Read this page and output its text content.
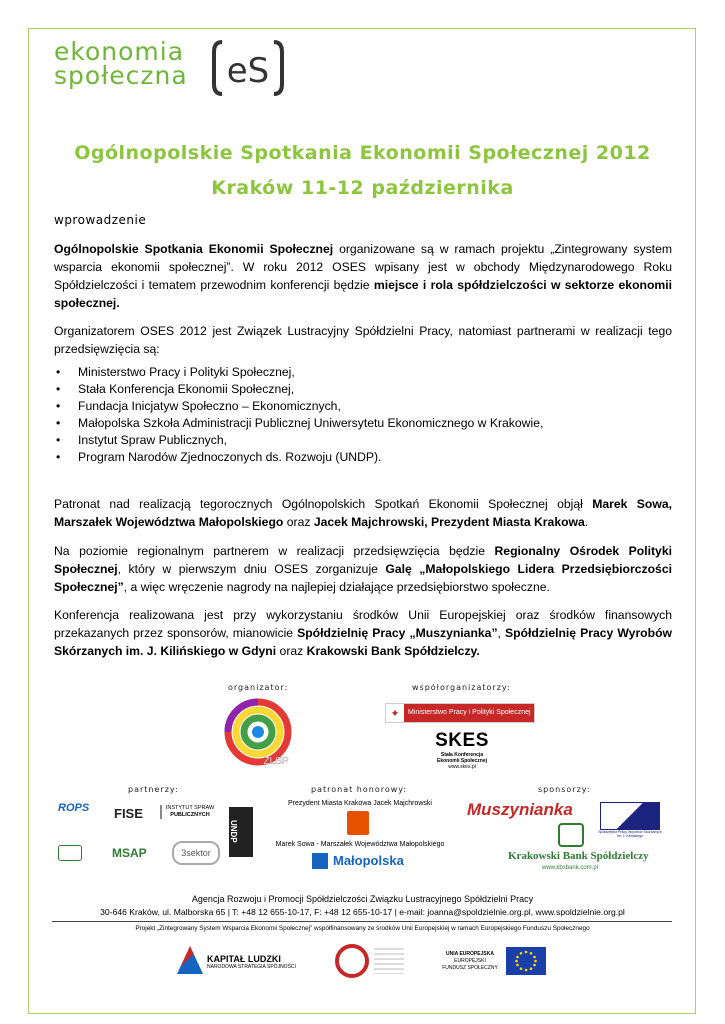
ekonomia
społeczna eS
Ogólnopolskie Spotkania Ekonomii Społecznej 2012
Kraków 11-12 października
wprowadzenie
Ogólnopolskie Spotkania Ekonomii Społecznej organizowane są w ramach projektu „Zintegrowany system wsparcia ekonomii społecznej”. W roku 2012 OSES wpisany jest w obchody Międzynarodowego Roku Spółdzielczości i tematem przewodnim konferencji będzie miejsce i rola spółdzielczości w sektorze ekonomii społecznej.
Organizatorem OSES 2012 jest Związek Lustracyjny Spółdzielni Pracy, natomiast partnerami w realizacji tego przedsięwzięcia są:
• Ministerstwo Pracy i Polityki Społecznej,
• Stała Konferencja Ekonomii Społecznej,
• Fundacja Inicjatyw Społeczno – Ekonomicznych,
• Małopolska Szkoła Administracji Publicznej Uniwersytetu Ekonomicznego w Krakowie,
• Instytut Spraw Publicznych,
• Program Narodów Zjednoczonych ds. Rozwoju (UNDP).
Patronat nad realizacją tegorocznych Ogólnopolskich Spotkań Ekonomii Społecznej objął Marek Sowa, Marszałek Województwa Małopolskiego oraz Jacek Majchrowski, Prezydent Miasta Krakowa.
Na poziomie regionalnym partnerem w realizacji przedsięwzięcia będzie Regionalny Ośrodek Polityki Społecznej, który w pierwszym dniu OSES zorganizuje Galę „Małopolskiego Lidera Przedsiębiorczości Społecznej”, a więc wręczenie nagrody na najlepiej działające przedsiębiorstwo społeczne.
Konferencja realizowana jest przy wykorzystaniu środków Unii Europejskiej oraz środków finansowych przekazanych przez sponsorów, mianowicie Spółdzielnię Pracy „Muszynianka”, Spółdzielnię Pracy Wyrobów Skórzanych im. J. Kilińskiego w Gdyni oraz Krakowski Bank Spółdzielczy.
organizator:	współorganizatorzy:
ZLSP
✦	Ministerstwo Pracy i Polityki Społecznej
SKES
Stała Konferencja
Ekonomii Społecznej
www.skes.pl
partnerzy:	patronat honorowy:	sponsorzy:
ROPS FISE	INSTYTUT SPRAW
PUBLICZNYCH
UNDP
MSAP	3sektor
Prezydent Miasta Krakowa Jacek Majchrowski
Marek Sowa - Marszałek Województwa Małopolskiego
Małopolska
Muszynianka
Spółdzielnia Pracy Wyrobów Skórzanych im. J. Kilińskiego
Krakowski Bank Spółdzielczy
www.kbsbank.com.pl
Agencja Rozwoju i Promocji Spółdzielczości Związku Lustracyjnego Spółdzielni Pracy
30-646 Kraków, ul. Malborska 65 | T: +48 12 655-10-17, F: +48 12 655-10-17 | e-mail: joanna@spoldzielnie.org.pl, www.spoldzielnie.org.pl
Projekt „Zintegrowany System Wsparcia Ekonomii Społecznej” współfinansowany ze środków Unii Europejskiej w ramach Europejskiego Funduszu Społecznego
KAPITAŁ LUDZKI
NARODOWA STRATEGIA SPÓJNOŚCI
UNIA EUROPEJSKA
EUROPEJSKI
FUNDUSZ SPOŁECZNY
